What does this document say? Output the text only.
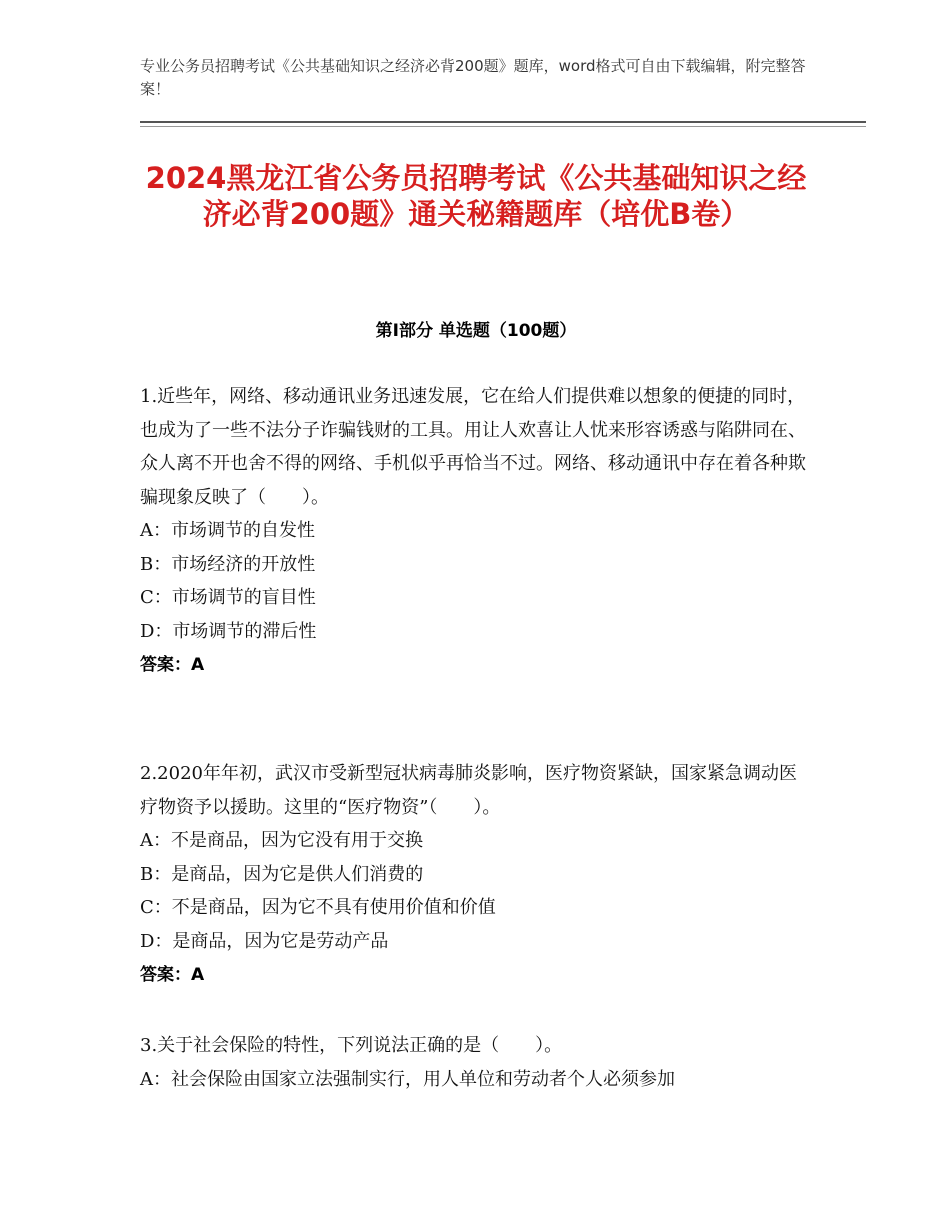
专业公务员招聘考试《公共基础知识之经济必背200题》题库，word格式可自由下载编辑，附完整答案！
2024黑龙江省公务员招聘考试《公共基础知识之经济必背200题》通关秘籍题库（培优B卷）
第Ⅰ部分 单选题（100题）

1.近些年，网络、移动通讯业务迅速发展，它在给人们提供难以想象的便捷的同时，也成为了一些不法分子诈骗钱财的工具。用让人欢喜让人忧来形容诱惑与陷阱同在、众人离不开也舍不得的网络、手机似乎再恰当不过。网络、移动通讯中存在着各种欺骗现象反映了（　　）。

A：市场调节的自发性

B：市场经济的开放性

C：市场调节的盲目性

D：市场调节的滞后性

答案：A

2.2020年年初，武汉市受新型冠状病毒肺炎影响，医疗物资紧缺，国家紧急调动医疗物资予以援助。这里的“医疗物资”（　　）。

A：不是商品，因为它没有用于交换

B：是商品，因为它是供人们消费的

C：不是商品，因为它不具有使用价值和价值

D：是商品，因为它是劳动产品

答案：A

3.关于社会保险的特性，下列说法正确的是（　　）。

A：社会保险由国家立法强制实行，用人单位和劳动者个人必须参加
